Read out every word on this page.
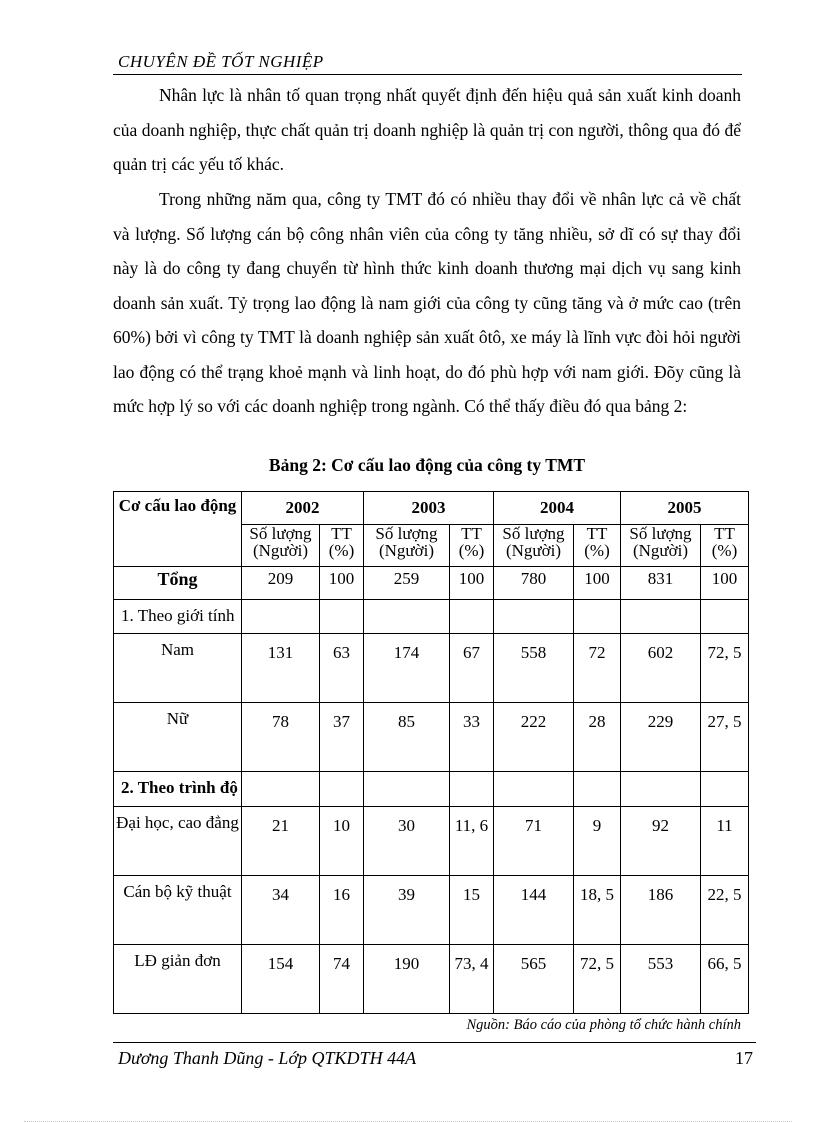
CHUYÊN ĐỀ TỐT NGHIỆP

Nhân lực là nhân tố quan trọng nhất quyết định đến hiệu quả sản xuất kinh doanh của doanh nghiệp, thực chất quản trị doanh nghiệp là quản trị con người, thông qua đó để quản trị các yếu tố khác.

Trong những năm qua, công ty TMT đó có nhiều thay đổi về nhân lực cả về chất và lượng. Số lượng cán bộ công nhân viên của công ty tăng nhiều, sở dĩ có sự thay đổi này là do công ty đang chuyển từ hình thức kinh doanh thương mại dịch vụ sang kinh doanh sản xuất. Tỷ trọng lao động là nam giới của công ty cũng tăng và ở mức cao (trên 60%) bởi vì công ty TMT là doanh nghiệp sản xuất ôtô, xe máy là lĩnh vực đòi hỏi người lao động có thể trạng khoẻ mạnh và linh hoạt, do đó phù hợp với nam giới. Đõy cũng là mức hợp lý so với các doanh nghiệp trong ngành. Có thể thấy điều đó qua bảng 2:

Bảng 2: Cơ cấu lao động của công ty TMT
Cơ cấu lao động	2002		2003		2004		2005	
	Số lượng (Người)	TT (%)	Số lượng (Người)	TT (%)	Số lượng (Người)	TT (%)	Số lượng (Người)	TT (%)
Tổng	209	100	259	100	780	100	831	100
1. Theo giới tính								
Nam	131	63	174	67	558	72	602	72, 5
Nữ	78	37	85	33	222	28	229	27, 5
2. Theo trình độ								
Đại học, cao đẳng	21	10	30	11, 6	71	9	92	11
Cán bộ kỹ thuật	34	16	39	15	144	18, 5	186	22, 5
LĐ giản đơn	154	74	190	73, 4	565	72, 5	553	66, 5
Nguồn: Báo cáo của phòng tổ chức hành chính
Dương Thanh Dũng - Lớp QTKDTH 44A	17
